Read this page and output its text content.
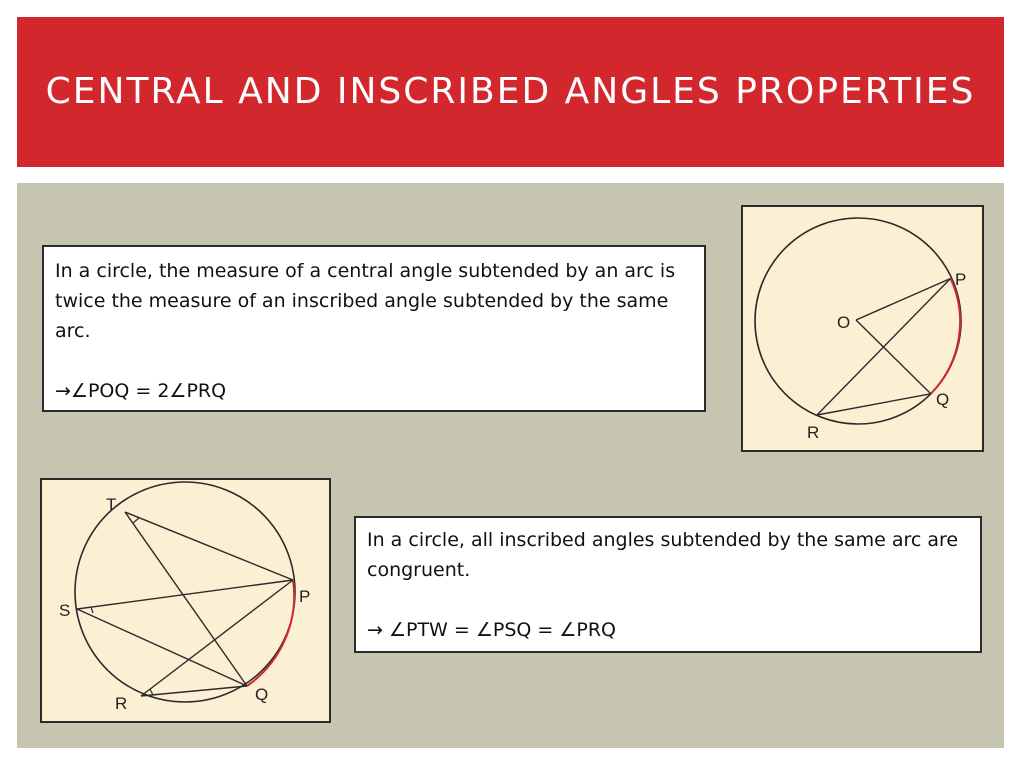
CENTRAL AND INSCRIBED ANGLES PROPERTIES

In a circle, the measure of a central angle subtended by an arc is twice the measure of an inscribed angle subtended by the same arc.

→∠POQ = 2∠PRQ

P
O
Q
R
T
S
P
R	Q

In a circle, all inscribed angles subtended by the same arc are congruent.

→ ∠PTW = ∠PSQ = ∠PRQ
